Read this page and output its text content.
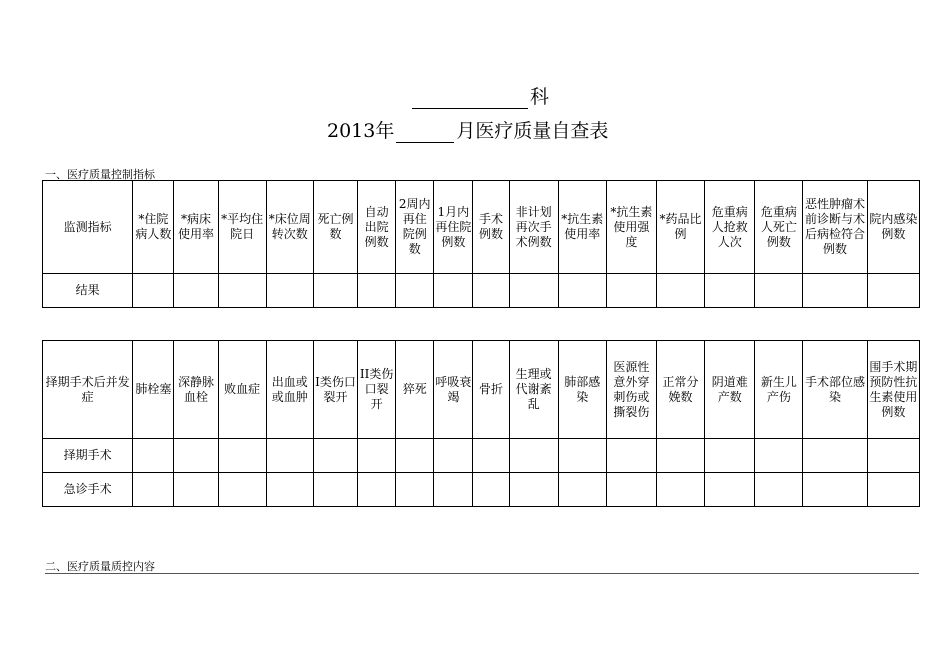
科
2013年	月医疗质量自查表
一、医疗质量控制指标
监测指标	*住院病人数	*病床使用率	*平均住院日	*床位周转次数	死亡例数	自动出院例数	2周内再住院例数	1月内再住院例数	手术例数	非计划再次手术例数	*抗生素使用率	*抗生素使用强度	*药品比例	危重病人抢救人次	危重病人死亡例数	恶性肿瘤术前诊断与术后病检符合例数	院内感染例数
结果																	
择期手术后并发症	肺栓塞	深静脉血栓	败血症	出血或或血肿	I类伤口裂开	II类伤口裂开	猝死	呼吸衰竭	骨折	生理或代谢紊乱	肺部感染	医源性意外穿刺伤或撕裂伤	正常分娩数	阴道难产数	新生儿产伤	手术部位感染	围手术期预防性抗生素使用例数
择期手术																	
急诊手术																	
二、医疗质量质控内容
